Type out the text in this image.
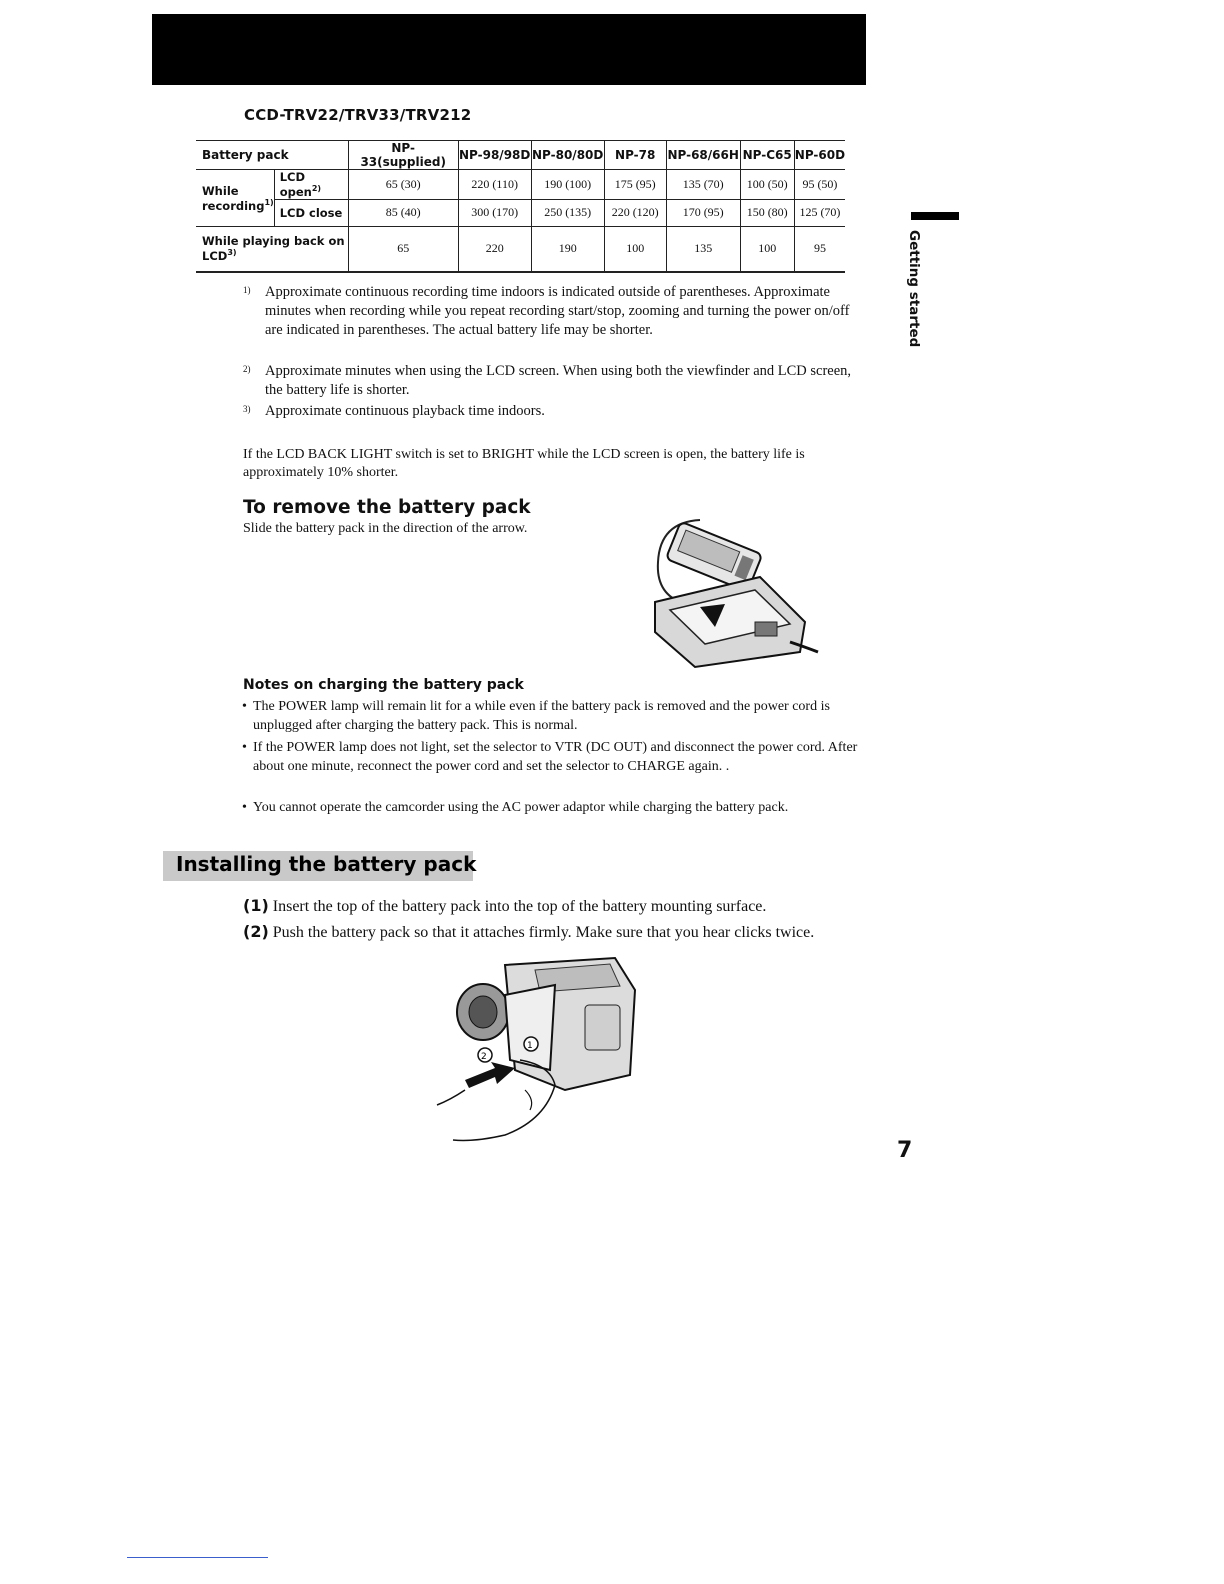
CCD-TRV22/TRV33/TRV212
Battery pack		NP-33(supplied)	NP-98/98D	NP-80/80D	NP-78	NP-68/66H	NP-C65	NP-60D
While recording$^{1)}$	LCD open$^{2)}$	65 (30)	220 (110)	190 (100)	175 (95)	135 (70)	100 (50)	95 (50)
	LCD close	85 (40)	300 (170)	250 (135)	220 (120)	170 (95)	150 (80)	125 (70)
While playing back on LCD$^{3)}$		65	220	190	100	135	100	95
1) Approximate continuous recording time indoors is indicated outside of parentheses. Approximate minutes when recording while you repeat recording start/stop, zooming and turning the power on/off are indicated in parentheses. The actual battery life may be shorter.
2) Approximate minutes when using the LCD screen. When using both the viewfinder and LCD screen, the battery life is shorter.
3) Approximate continuous playback time indoors.
If the LCD BACK LIGHT switch is set to BRIGHT while the LCD screen is open, the battery life is approximately 10% shorter.
To remove the battery pack
Slide the battery pack in the direction of the arrow.
Notes on charging the battery pack
• The POWER lamp will remain lit for a while even if the battery pack is removed and the power cord is unplugged after charging the battery pack. This is normal.
• If the POWER lamp does not light, set the selector to VTR (DC OUT) and disconnect the power cord. After about one minute, reconnect the power cord and set the selector to CHARGE again. .
• You cannot operate the camcorder using the AC power adaptor while charging the battery pack.
Installing the battery pack
(1) Insert the top of the battery pack into the top of the battery mounting surface.
(2) Push the battery pack so that it attaches firmly. Make sure that you hear clicks twice.
2
1
Getting started
7
